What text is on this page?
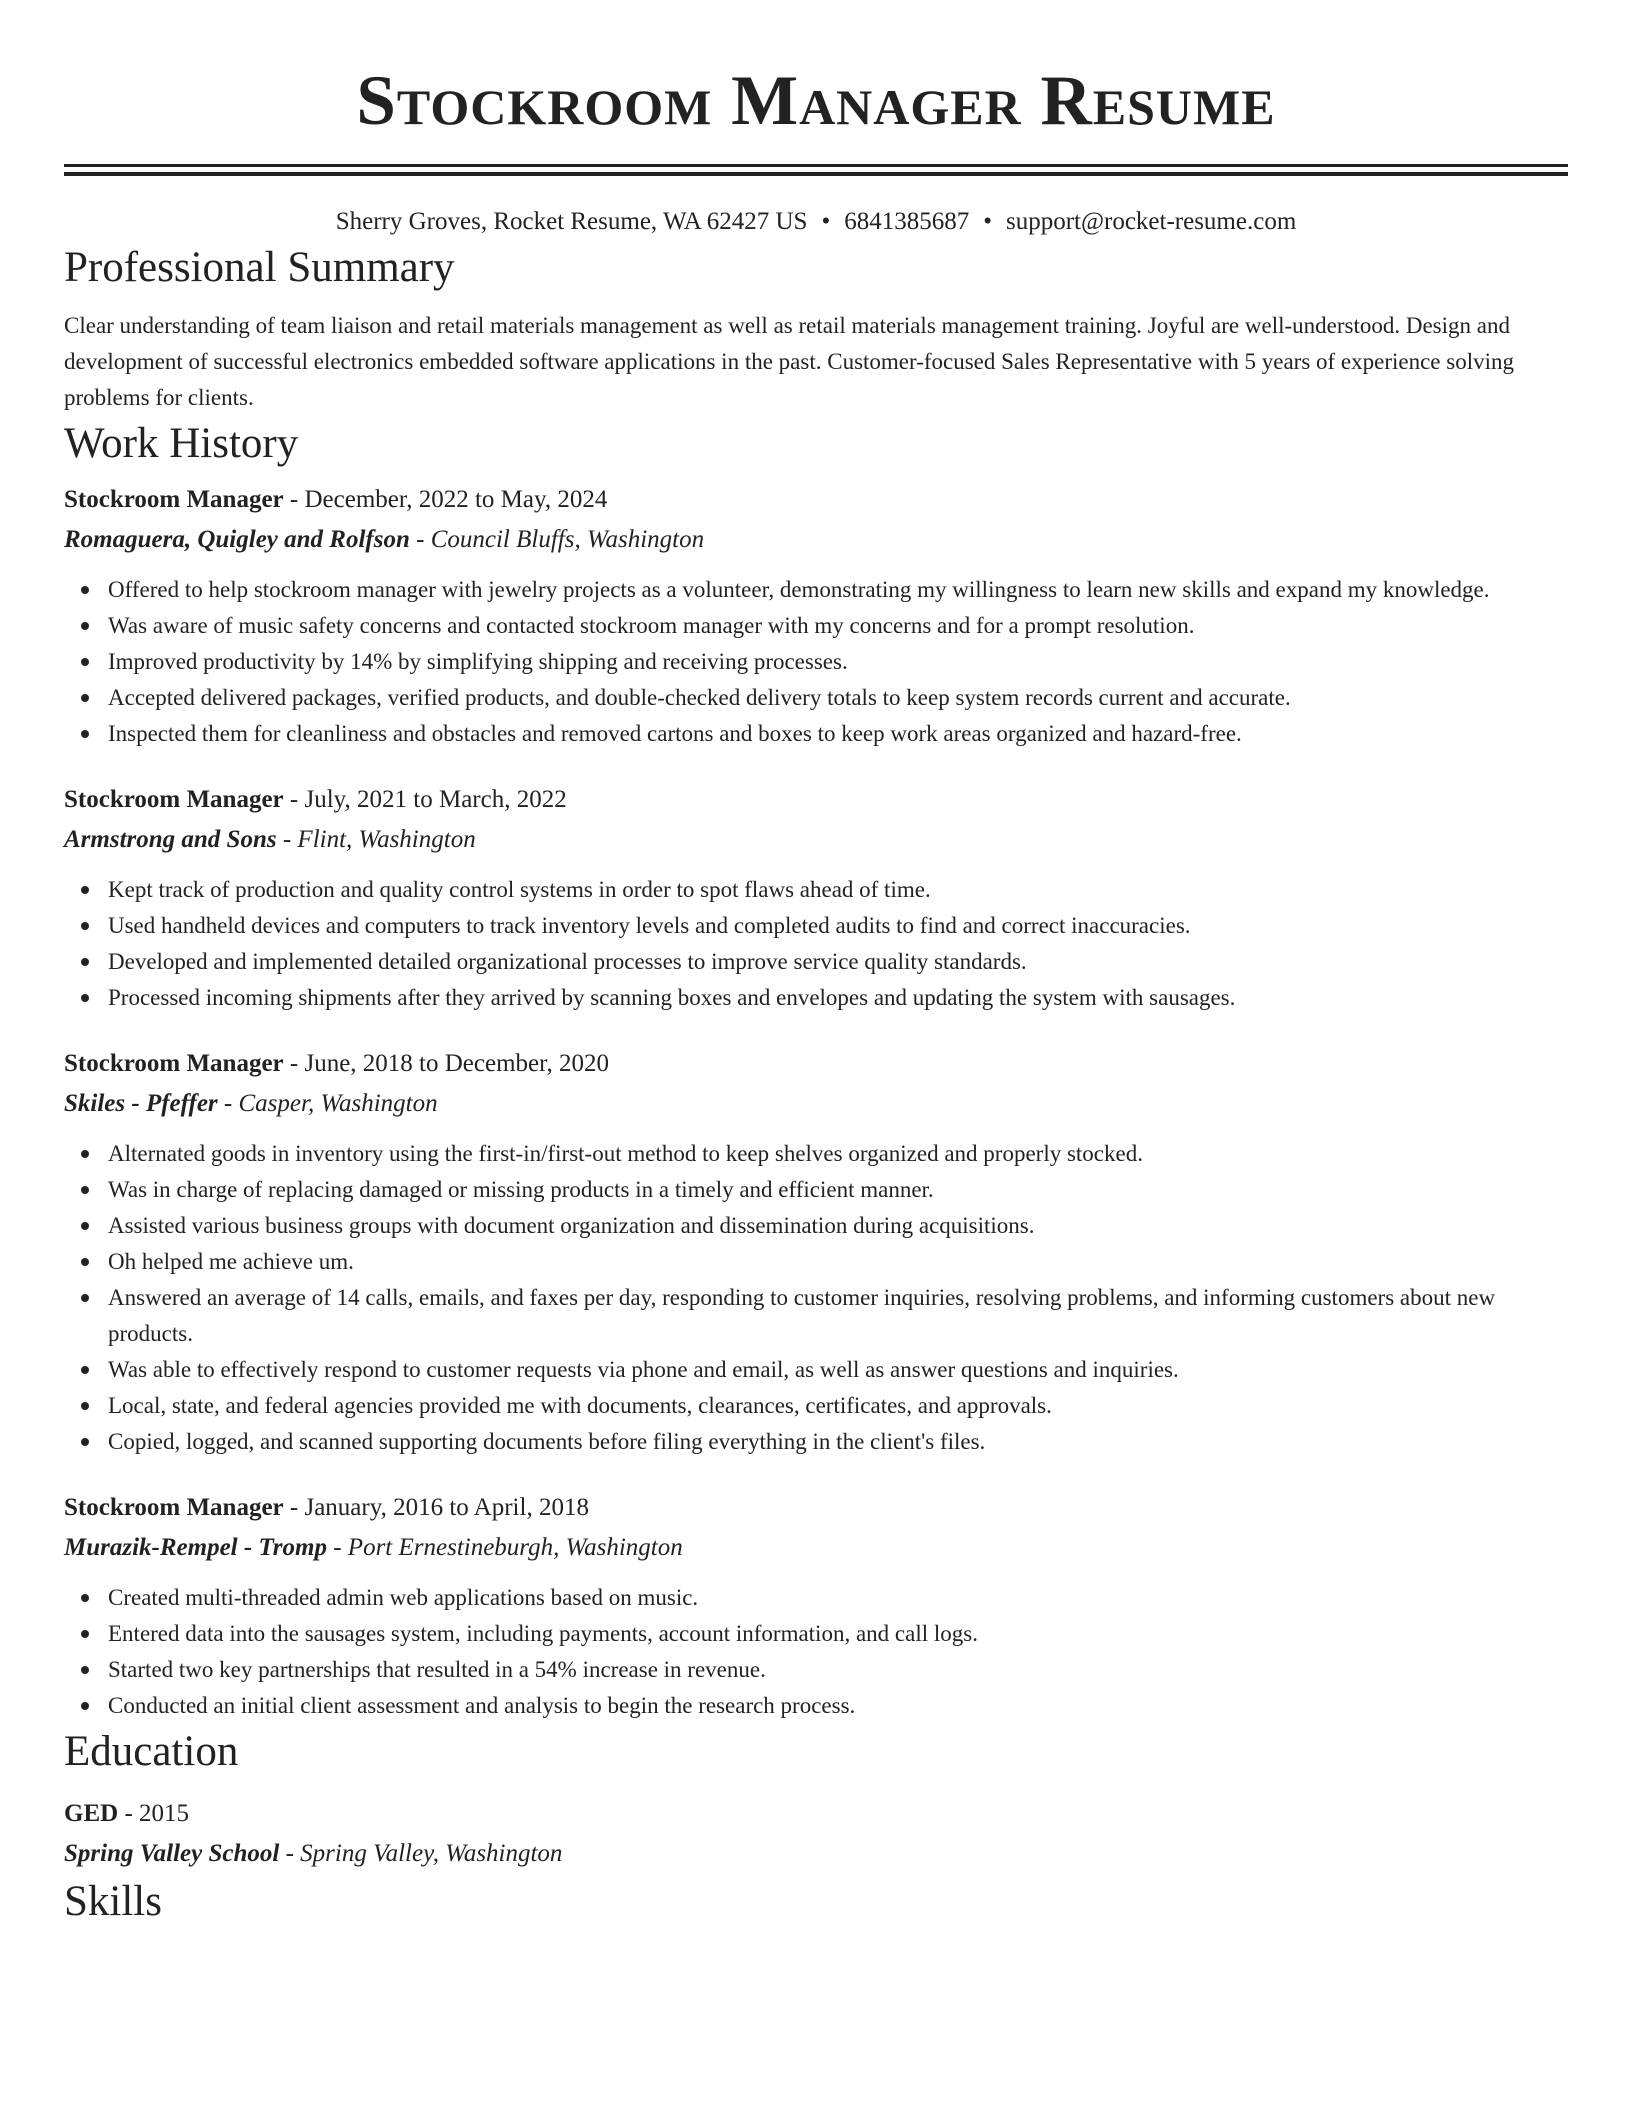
Stockroom Manager Resume
Sherry Groves, Rocket Resume, WA 62427 US • 6841385687 • support@rocket-resume.com
Professional Summary

Clear understanding of team liaison and retail materials management as well as retail materials management training. Joyful are well-understood. Design and development of successful electronics embedded software applications in the past. Customer-focused Sales Representative with 5 years of experience solving problems for clients.

Work History
Stockroom Manager - December, 2022 to May, 2024
Romaguera, Quigley and Rolfson - Council Bluffs, Washington
Offered to help stockroom manager with jewelry projects as a volunteer, demonstrating my willingness to learn new skills and expand my knowledge.
Was aware of music safety concerns and contacted stockroom manager with my concerns and for a prompt resolution.
Improved productivity by 14% by simplifying shipping and receiving processes.
Accepted delivered packages, verified products, and double-checked delivery totals to keep system records current and accurate.
Inspected them for cleanliness and obstacles and removed cartons and boxes to keep work areas organized and hazard-free.
Stockroom Manager - July, 2021 to March, 2022
Armstrong and Sons - Flint, Washington
Kept track of production and quality control systems in order to spot flaws ahead of time.
Used handheld devices and computers to track inventory levels and completed audits to find and correct inaccuracies.
Developed and implemented detailed organizational processes to improve service quality standards.
Processed incoming shipments after they arrived by scanning boxes and envelopes and updating the system with sausages.
Stockroom Manager - June, 2018 to December, 2020
Skiles - Pfeffer - Casper, Washington
Alternated goods in inventory using the first-in/first-out method to keep shelves organized and properly stocked.
Was in charge of replacing damaged or missing products in a timely and efficient manner.
Assisted various business groups with document organization and dissemination during acquisitions.
Oh helped me achieve um.
Answered an average of 14 calls, emails, and faxes per day, responding to customer inquiries, resolving problems, and informing customers about new products.
Was able to effectively respond to customer requests via phone and email, as well as answer questions and inquiries.
Local, state, and federal agencies provided me with documents, clearances, certificates, and approvals.
Copied, logged, and scanned supporting documents before filing everything in the client's files.
Stockroom Manager - January, 2016 to April, 2018
Murazik-Rempel - Tromp - Port Ernestineburgh, Washington
Created multi-threaded admin web applications based on music.
Entered data into the sausages system, including payments, account information, and call logs.
Started two key partnerships that resulted in a 54% increase in revenue.
Conducted an initial client assessment and analysis to begin the research process.
Education
GED - 2015
Spring Valley School - Spring Valley, Washington
Skills
